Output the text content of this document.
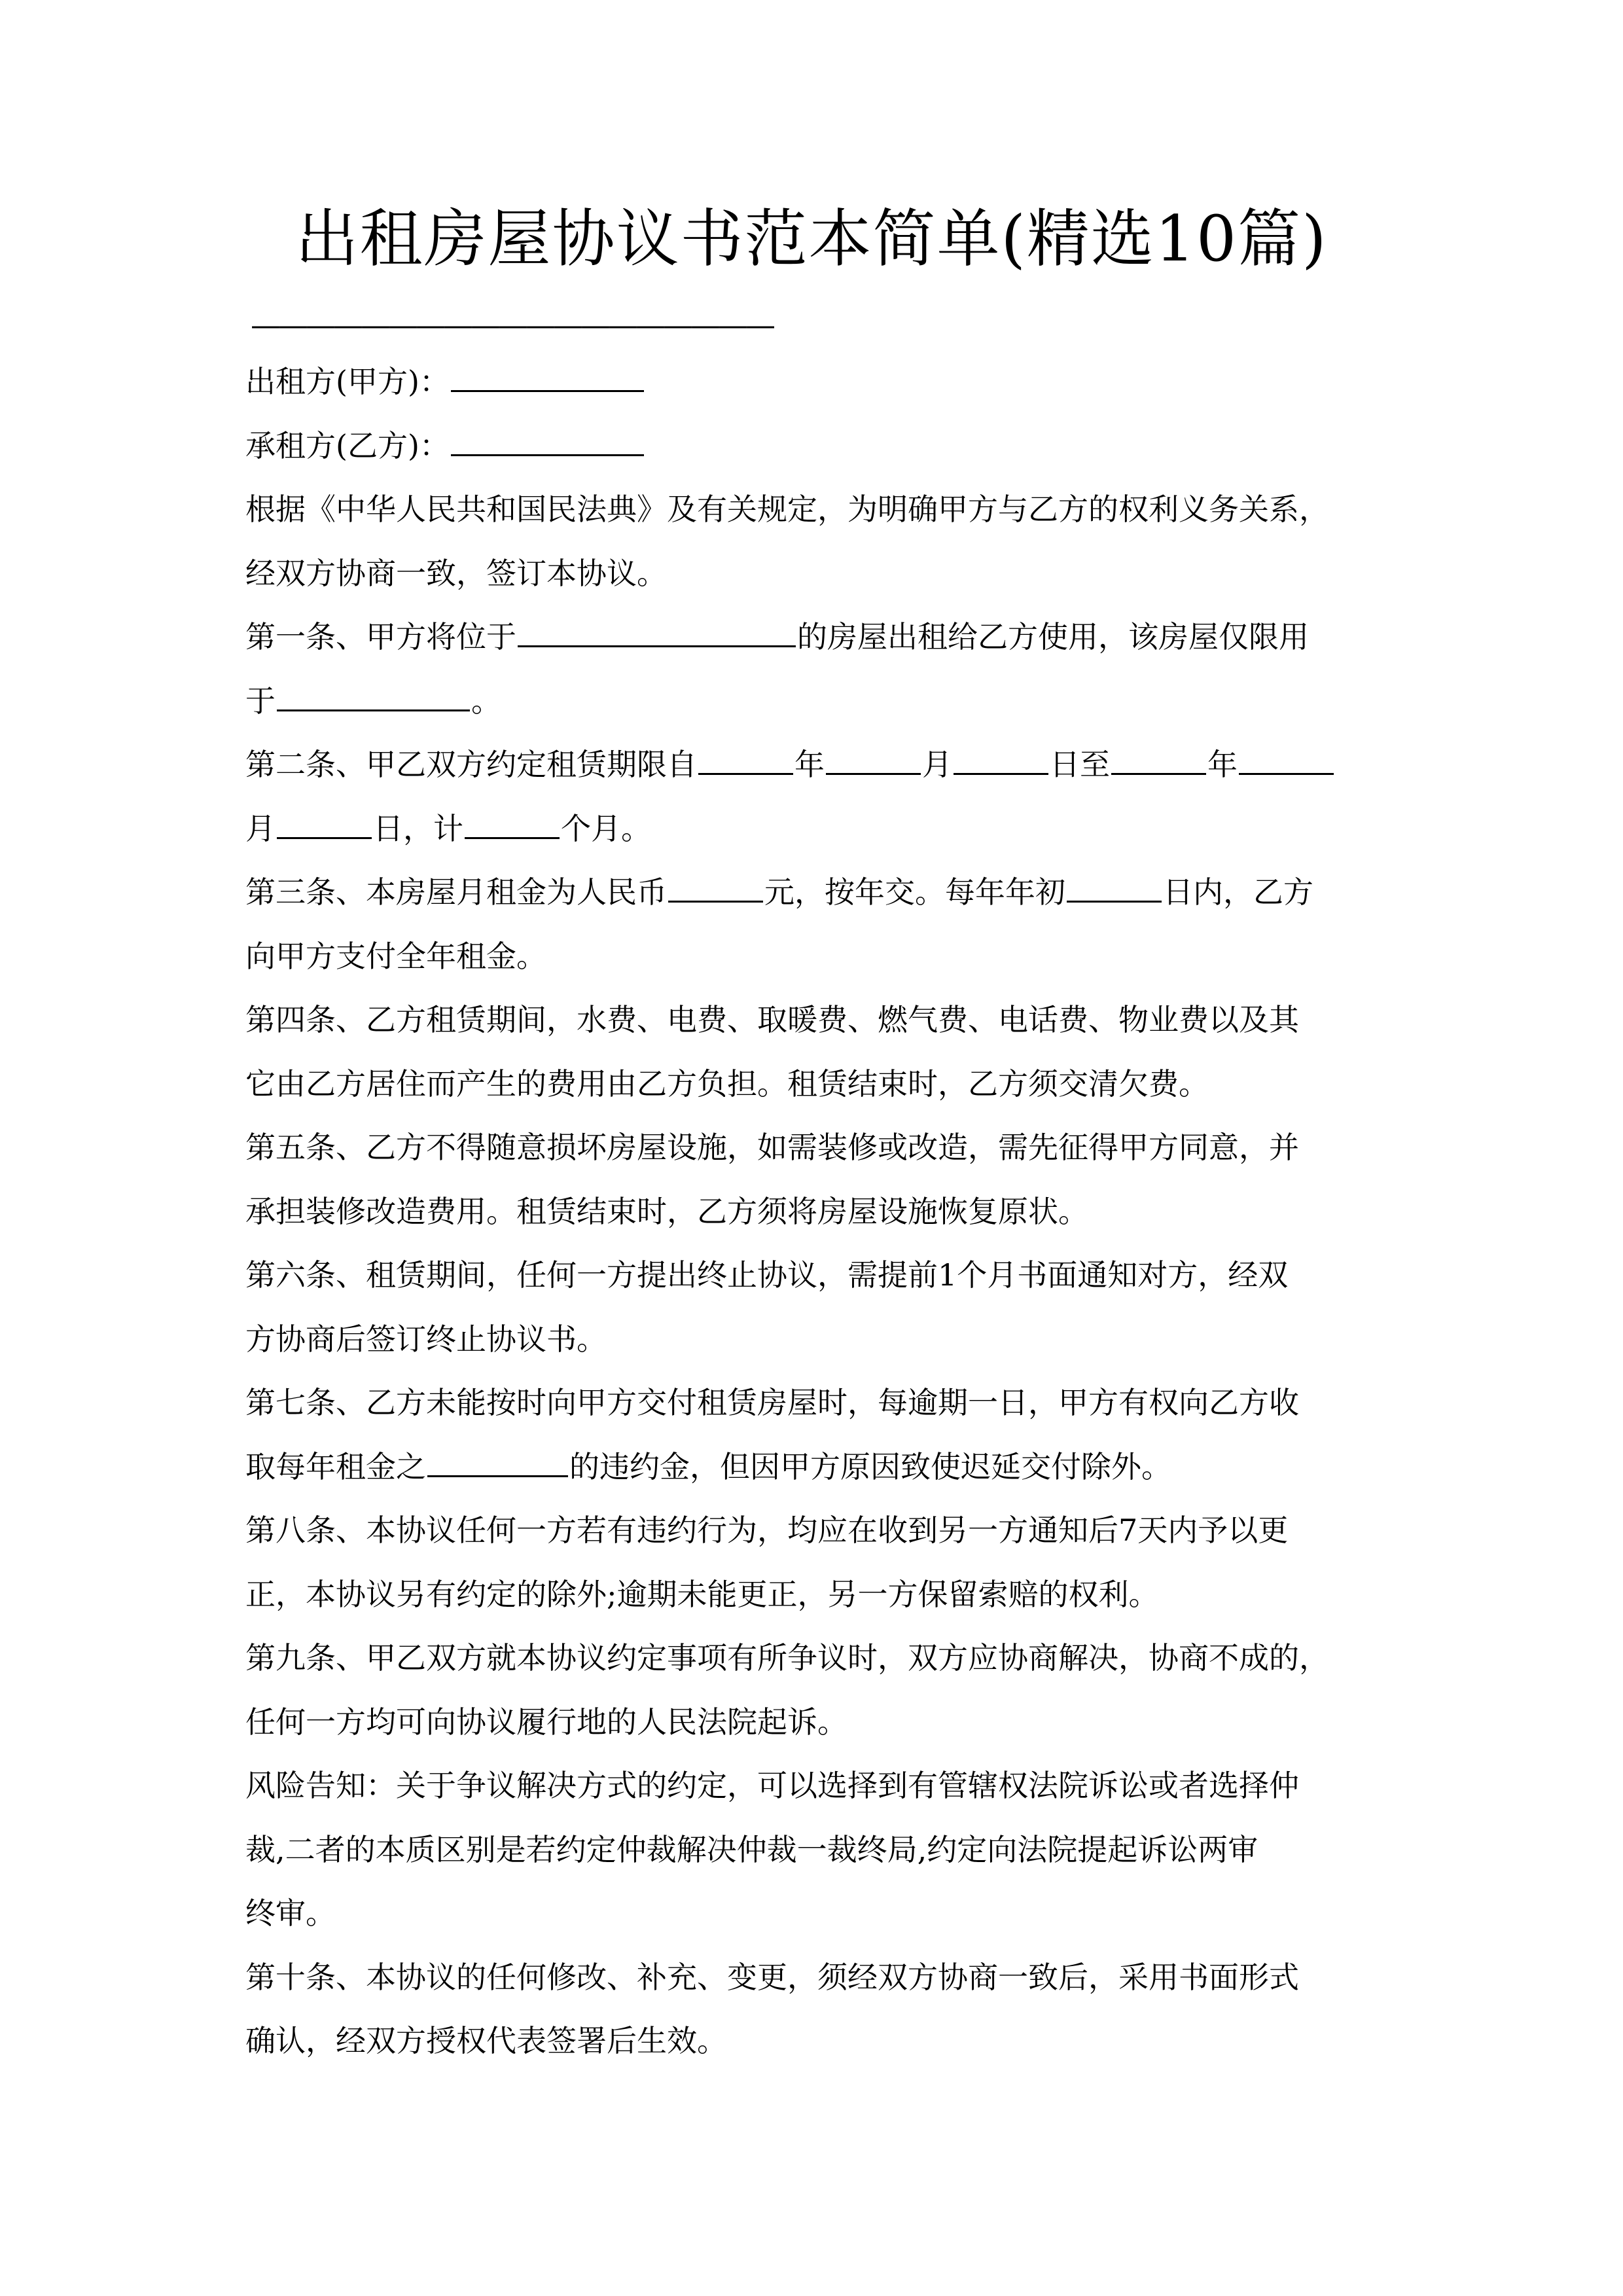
出租房屋协议书范本简单(精选10篇)
———————————————————
出租方(甲方)：
承租方(乙方)：
根据《中华人民共和国民法典》及有关规定，为明确甲方与乙方的权利义务关系，
经双方协商一致，签订本协议。
第一条、甲方将位于	的房屋出租给乙方使用，该房屋仅限用
于	。
第二条、甲乙双方约定租赁期限自	年	月	日至	年
月	日，计	个月。
第三条、本房屋月租金为人民币	元，按年交。每年年初	日内，乙方
向甲方支付全年租金。
第四条、乙方租赁期间，水费、电费、取暖费、燃气费、电话费、物业费以及其
它由乙方居住而产生的费用由乙方负担。租赁结束时，乙方须交清欠费。
第五条、乙方不得随意损坏房屋设施，如需装修或改造，需先征得甲方同意，并
承担装修改造费用。租赁结束时，乙方须将房屋设施恢复原状。
第六条、租赁期间，任何一方提出终止协议，需提前1个月书面通知对方，经双
方协商后签订终止协议书。
第七条、乙方未能按时向甲方交付租赁房屋时，每逾期一日，甲方有权向乙方收
取每年租金之	的违约金，但因甲方原因致使迟延交付除外。
第八条、本协议任何一方若有违约行为，均应在收到另一方通知后7天内予以更
正，本协议另有约定的除外;逾期未能更正，另一方保留索赔的权利。
第九条、甲乙双方就本协议约定事项有所争议时，双方应协商解决，协商不成的，
任何一方均可向协议履行地的人民法院起诉。
风险告知：关于争议解决方式的约定，可以选择到有管辖权法院诉讼或者选择仲
裁,二者的本质区别是若约定仲裁解决仲裁一裁终局,约定向法院提起诉讼两审
终审。
第十条、本协议的任何修改、补充、变更，须经双方协商一致后，采用书面形式
确认，经双方授权代表签署后生效。
